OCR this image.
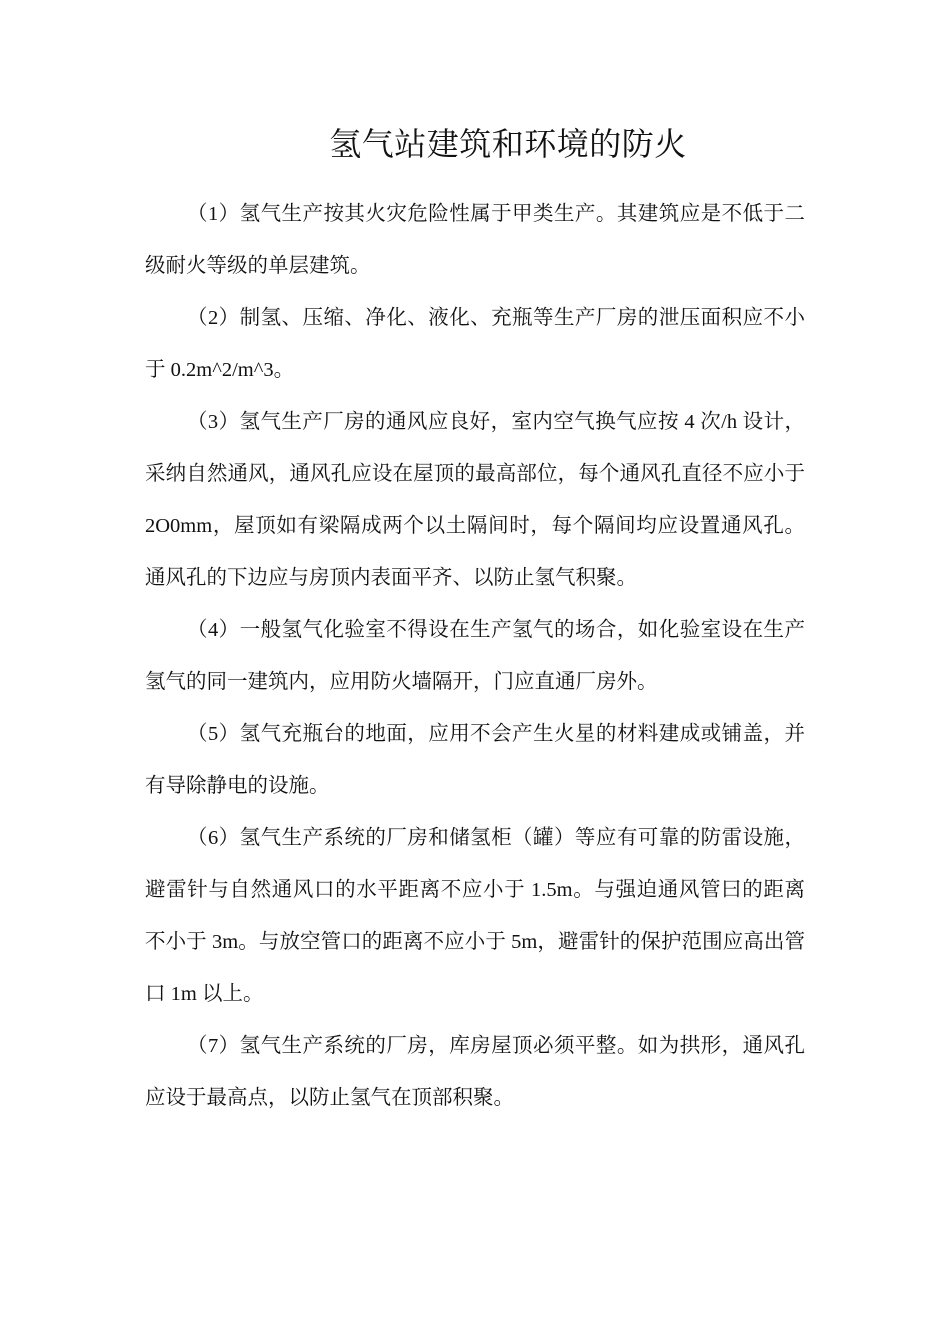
氢气站建筑和环境的防火

（1）氢气生产按其火灾危险性属于甲类生产。其建筑应是不低于二级耐火等级的单层建筑。

（2）制氢、压缩、净化、液化、充瓶等生产厂房的泄压面积应不小于 0.2m^2/m^3。

（3）氢气生产厂房的通风应良好，室内空气换气应按 4 次/h 设计，采纳自然通风，通风孔应设在屋顶的最高部位，每个通风孔直径不应小于 2O0mm，屋顶如有梁隔成两个以土隔间时，每个隔间均应设置通风孔。通风孔的下边应与房顶内表面平齐、以防止氢气积聚。

（4）一般氢气化验室不得设在生产氢气的场合，如化验室设在生产氢气的同一建筑内，应用防火墙隔开，门应直通厂房外。

（5）氢气充瓶台的地面，应用不会产生火星的材料建成或铺盖，并有导除静电的设施。

（6）氢气生产系统的厂房和储氢柜（罐）等应有可靠的防雷设施，避雷针与自然通风口的水平距离不应小于 1.5m。与强迫通风管曰的距离不小于 3m。与放空管口的距离不应小于 5m，避雷针的保护范围应高出管口 1m 以上。

（7）氢气生产系统的厂房，库房屋顶必须平整。如为拱形，通风孔应设于最高点，以防止氢气在顶部积聚。
